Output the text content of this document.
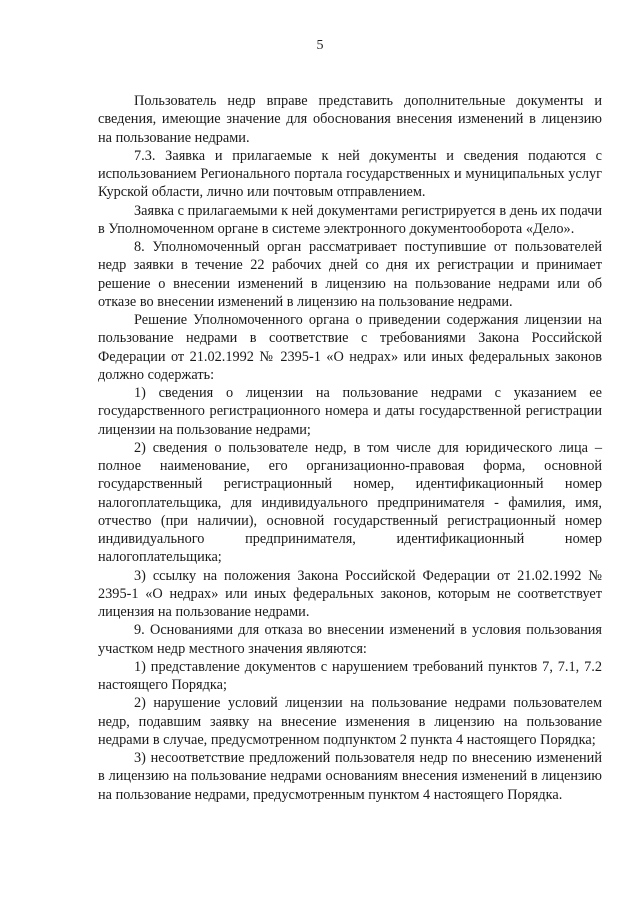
5

Пользователь недр вправе представить дополнительные документы и сведения, имеющие значение для обоснования внесения изменений в лицензию на пользование недрами.

7.3. Заявка и прилагаемые к ней документы и сведения подаются с использованием Регионального портала государственных и муниципальных услуг Курской области, лично или почтовым отправлением.

Заявка с прилагаемыми к ней документами регистрируется в день их подачи в Уполномоченном органе в системе электронного документооборота «Дело».

8. Уполномоченный орган рассматривает поступившие от пользователей недр заявки в течение 22 рабочих дней со дня их регистрации и принимает решение о внесении изменений в лицензию на пользование недрами или об отказе во внесении изменений в лицензию на пользование недрами.

Решение Уполномоченного органа о приведении содержания лицензии на пользование недрами в соответствие с требованиями Закона Российской Федерации от 21.02.1992 № 2395-1 «О недрах» или иных федеральных законов должно содержать:

1) сведения о лицензии на пользование недрами с указанием ее государственного регистрационного номера и даты государственной регистрации лицензии на пользование недрами;

2) сведения о пользователе недр, в том числе для юридического лица – полное наименование, его организационно-правовая форма, основной государственный регистрационный номер, идентификационный номер налогоплательщика, для индивидуального предпринимателя - фамилия, имя, отчество (при наличии), основной государственный регистрационный номер индивидуального предпринимателя, идентификационный номер налогоплательщика;

3) ссылку на положения Закона Российской Федерации от 21.02.1992 № 2395-1 «О недрах» или иных федеральных законов, которым не соответствует лицензия на пользование недрами.

9. Основаниями для отказа во внесении изменений в условия пользования участком недр местного значения являются:

1) представление документов с нарушением требований пунктов 7, 7.1, 7.2 настоящего Порядка;

2) нарушение условий лицензии на пользование недрами пользователем недр, подавшим заявку на внесение изменения в лицензию на пользование недрами в случае, предусмотренном подпунктом 2 пункта 4 настоящего Порядка;

3) несоответствие предложений пользователя недр по внесению изменений в лицензию на пользование недрами основаниям внесения изменений в лицензию на пользование недрами, предусмотренным пунктом 4 настоящего Порядка.
